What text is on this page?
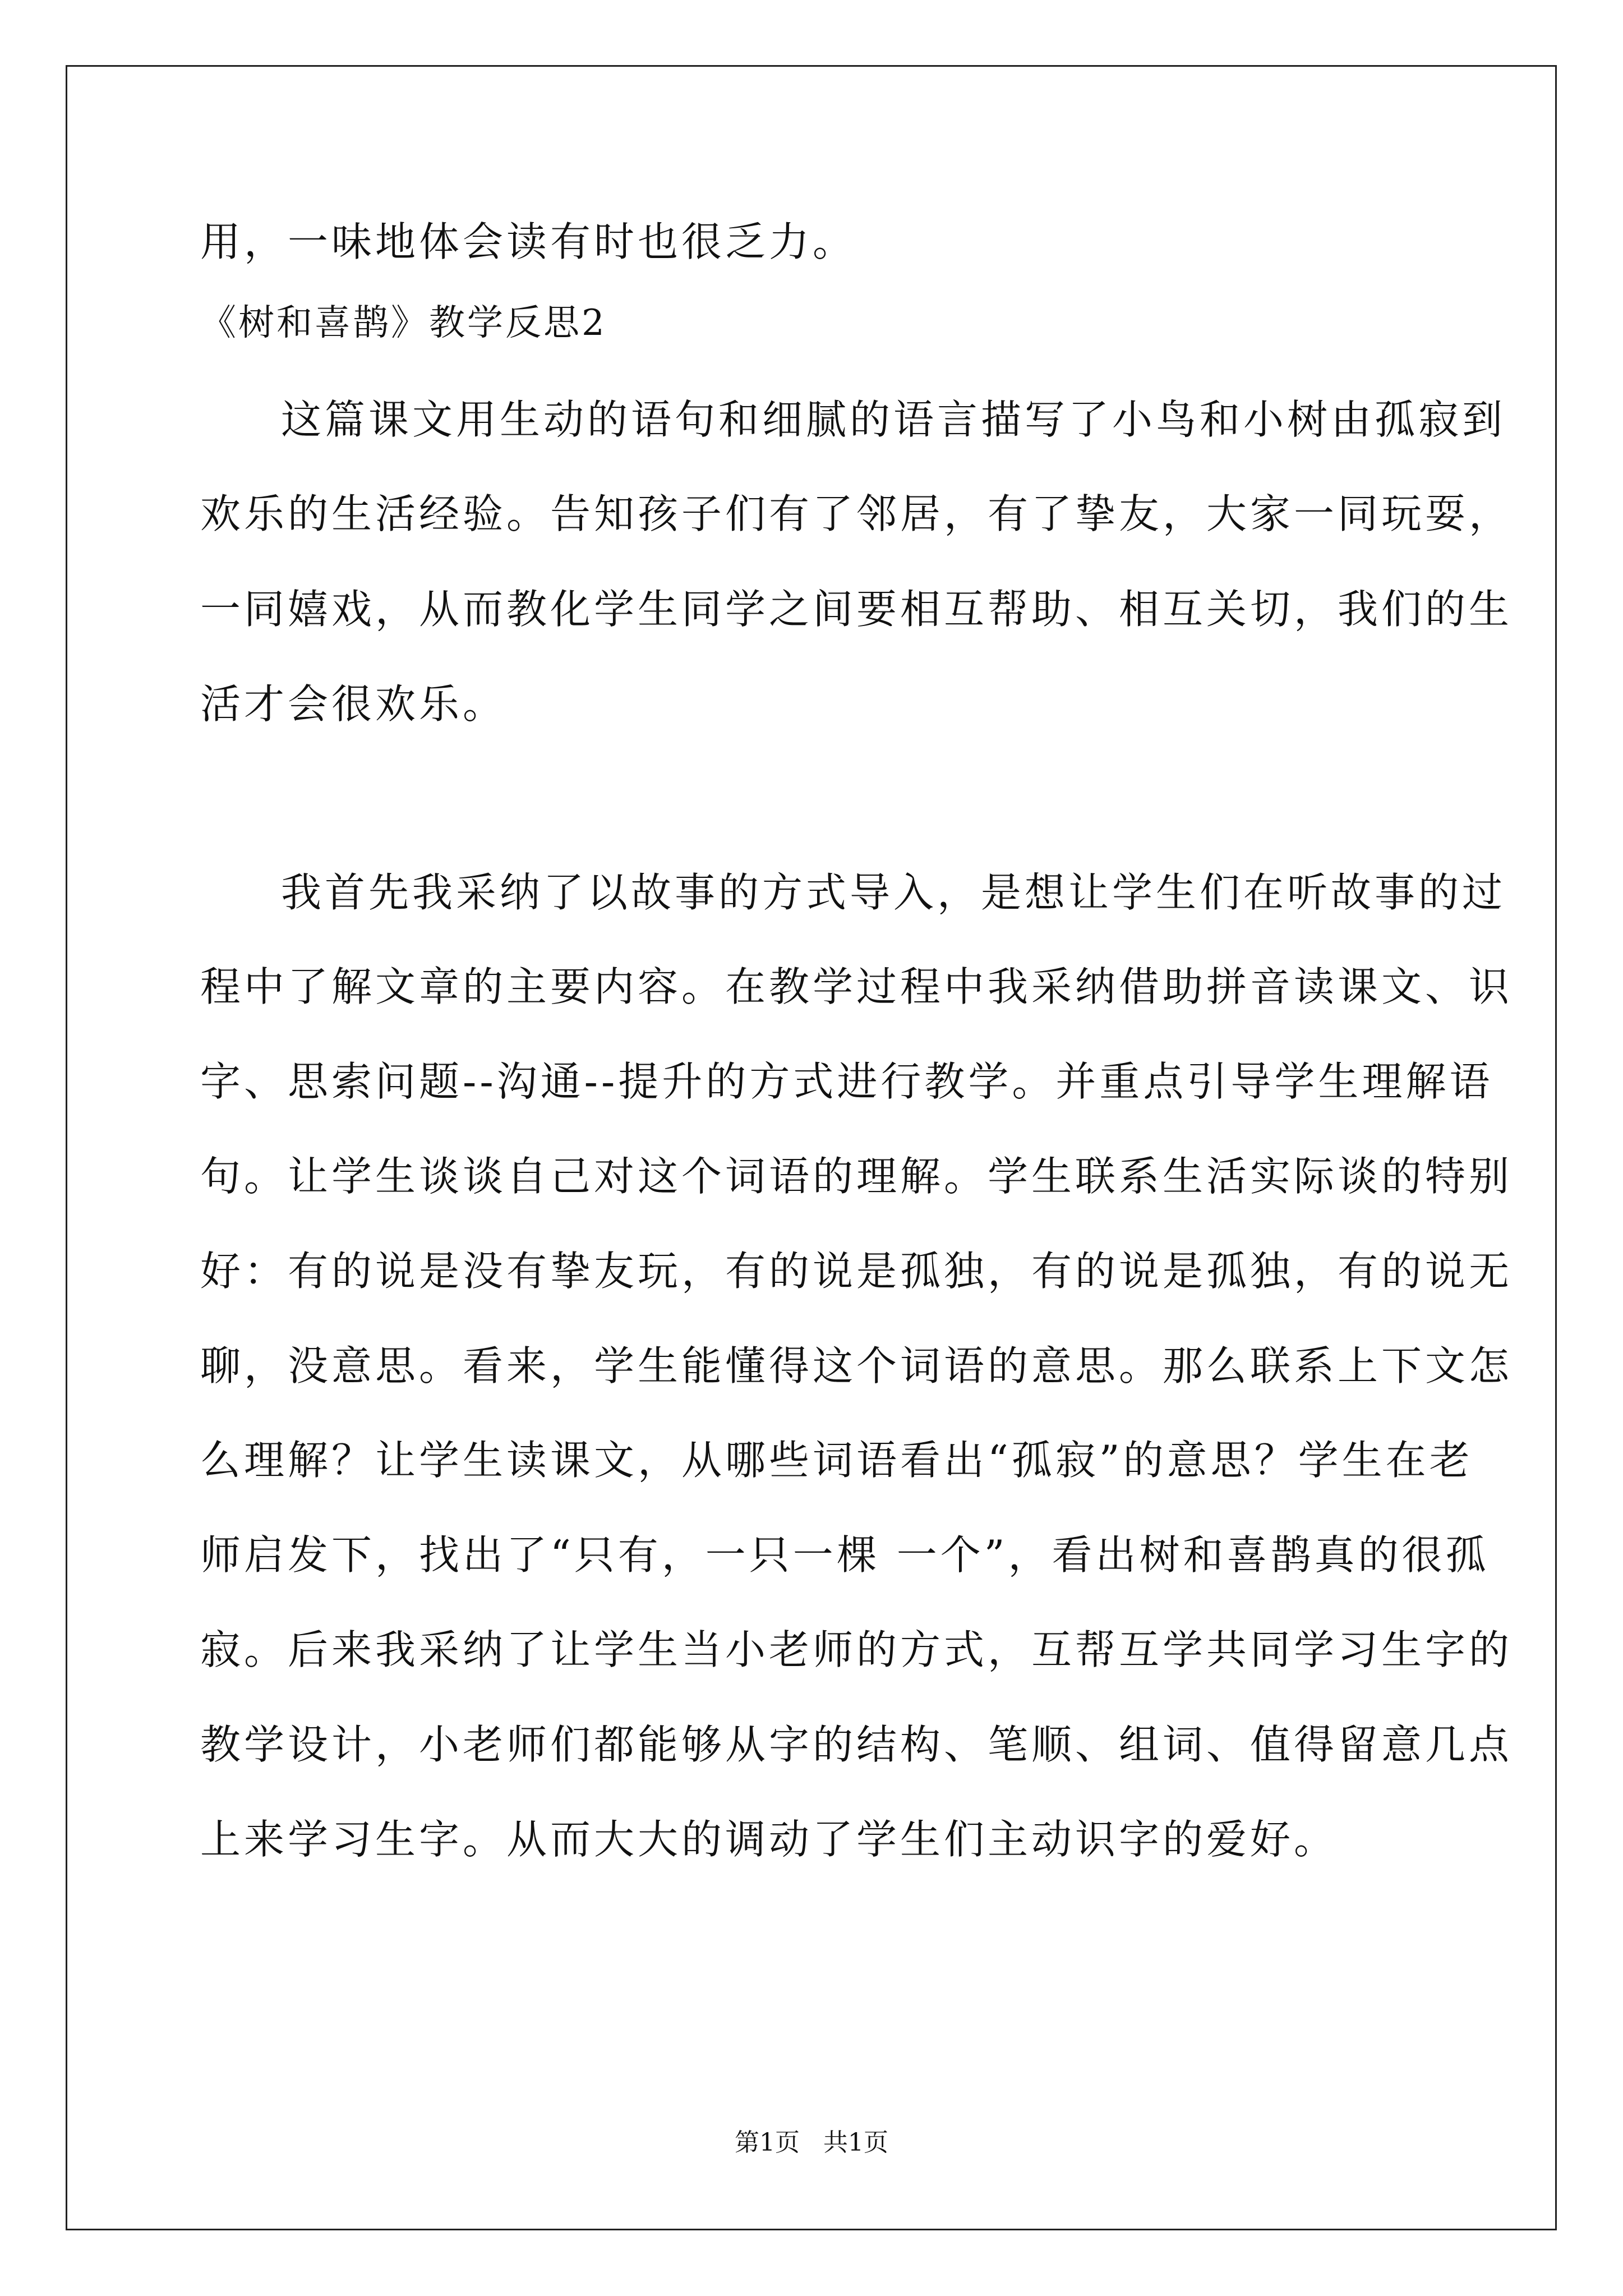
用，一味地体会读有时也很乏力。
《树和喜鹊》教学反思2
这篇课文用生动的语句和细腻的语言描写了小鸟和小树由孤寂到
欢乐的生活经验。告知孩子们有了邻居，有了挚友，大家一同玩耍，
一同嬉戏，从而教化学生同学之间要相互帮助、相互关切，我们的生
活才会很欢乐。
我首先我采纳了以故事的方式导入，是想让学生们在听故事的过
程中了解文章的主要内容。在教学过程中我采纳借助拼音读课文、识
字、思索问题--沟通--提升的方式进行教学。并重点引导学生理解语
句。让学生谈谈自己对这个词语的理解。学生联系生活实际谈的特别
好：有的说是没有挚友玩，有的说是孤独，有的说是孤独，有的说无
聊，没意思。看来，学生能懂得这个词语的意思。那么联系上下文怎
么理解？让学生读课文，从哪些词语看出“孤寂”的意思？学生在老
师启发下，找出了“只有，一只一棵 一个”，看出树和喜鹊真的很孤
寂。后来我采纳了让学生当小老师的方式，互帮互学共同学习生字的
教学设计，小老师们都能够从字的结构、笔顺、组词、值得留意几点
上来学习生字。从而大大的调动了学生们主动识字的爱好。
第1页 共1页
